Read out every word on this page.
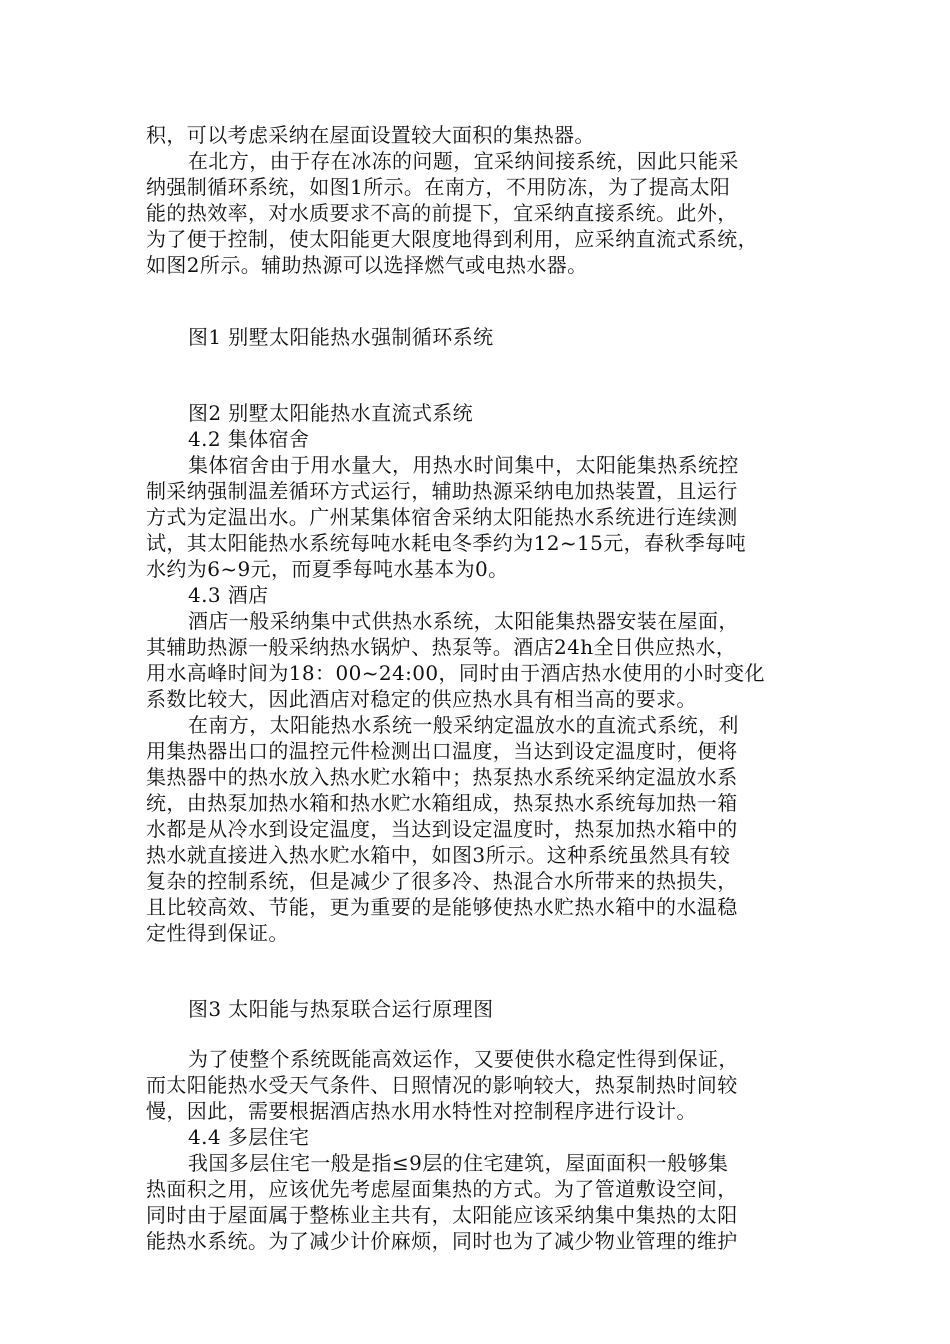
积，可以考虑采纳在屋面设置较大面积的集热器。
在北方，由于存在冰冻的问题，宜采纳间接系统，因此只能采
纳强制循环系统，如图1所示。在南方，不用防冻，为了提高太阳
能的热效率，对水质要求不高的前提下，宜采纳直接系统。此外，
为了便于控制，使太阳能更大限度地得到利用，应采纳直流式系统，
如图2所示。辅助热源可以选择燃气或电热水器。
图1 别墅太阳能热水强制循环系统
图2 别墅太阳能热水直流式系统
4.2 集体宿舍
集体宿舍由于用水量大，用热水时间集中，太阳能集热系统控
制采纳强制温差循环方式运行，辅助热源采纳电加热装置，且运行
方式为定温出水。广州某集体宿舍采纳太阳能热水系统进行连续测
试，其太阳能热水系统每吨水耗电冬季约为12~15元，春秋季每吨
水约为6~9元，而夏季每吨水基本为0。
4.3 酒店
酒店一般采纳集中式供热水系统，太阳能集热器安装在屋面，
其辅助热源一般采纳热水锅炉、热泵等。酒店24h全日供应热水，
用水高峰时间为18：00~24:00，同时由于酒店热水使用的小时变化
系数比较大，因此酒店对稳定的供应热水具有相当高的要求。
在南方，太阳能热水系统一般采纳定温放水的直流式系统，利
用集热器出口的温控元件检测出口温度，当达到设定温度时，便将
集热器中的热水放入热水贮水箱中；热泵热水系统采纳定温放水系
统，由热泵加热水箱和热水贮水箱组成，热泵热水系统每加热一箱
水都是从冷水到设定温度，当达到设定温度时，热泵加热水箱中的
热水就直接进入热水贮水箱中，如图3所示。这种系统虽然具有较
复杂的控制系统，但是减少了很多冷、热混合水所带来的热损失，
且比较高效、节能，更为重要的是能够使热水贮热水箱中的水温稳
定性得到保证。
图3 太阳能与热泵联合运行原理图
为了使整个系统既能高效运作，又要使供水稳定性得到保证，
而太阳能热水受天气条件、日照情况的影响较大，热泵制热时间较
慢，因此，需要根据酒店热水用水特性对控制程序进行设计。
4.4 多层住宅
我国多层住宅一般是指≤9层的住宅建筑，屋面面积一般够集
热面积之用，应该优先考虑屋面集热的方式。为了管道敷设空间，
同时由于屋面属于整栋业主共有，太阳能应该采纳集中集热的太阳
能热水系统。为了减少计价麻烦，同时也为了减少物业管理的维护
